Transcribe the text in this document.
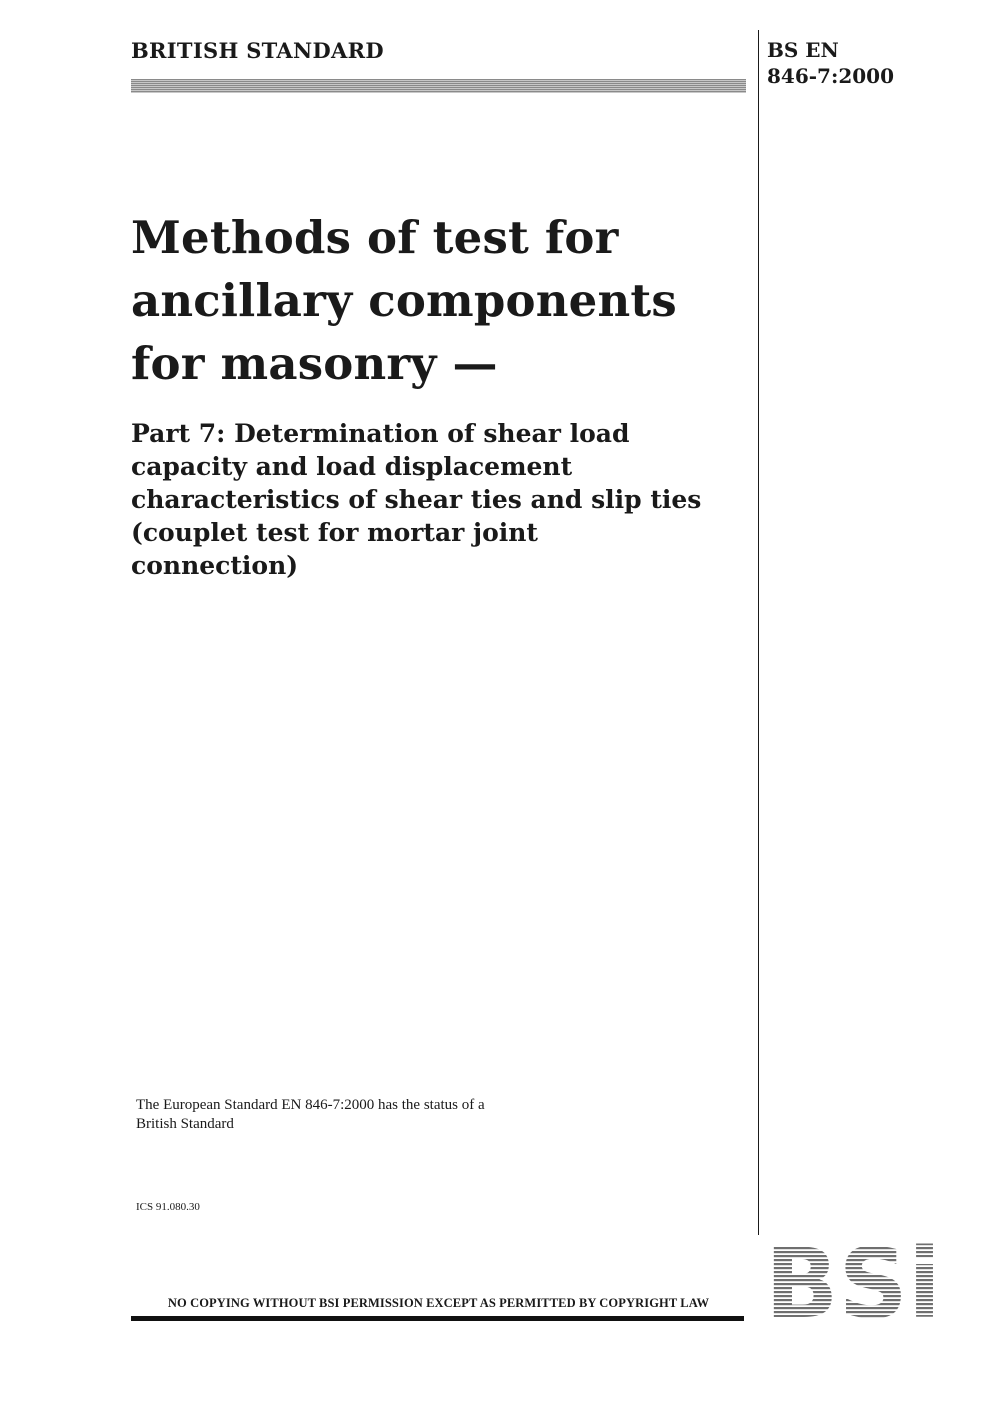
BRITISH STANDARD	BS EN
846-7:2000
Methods of test for
ancillary components
for masonry —
Part 7: Determination of shear load
capacity and load displacement
characteristics of shear ties and slip ties
(couplet test for mortar joint
connection)
The European Standard EN 846-7:2000 has the status of a
British Standard
ICS 91.080.30
NO COPYING WITHOUT BSI PERMISSION EXCEPT AS PERMITTED BY COPYRIGHT LAW BSi
